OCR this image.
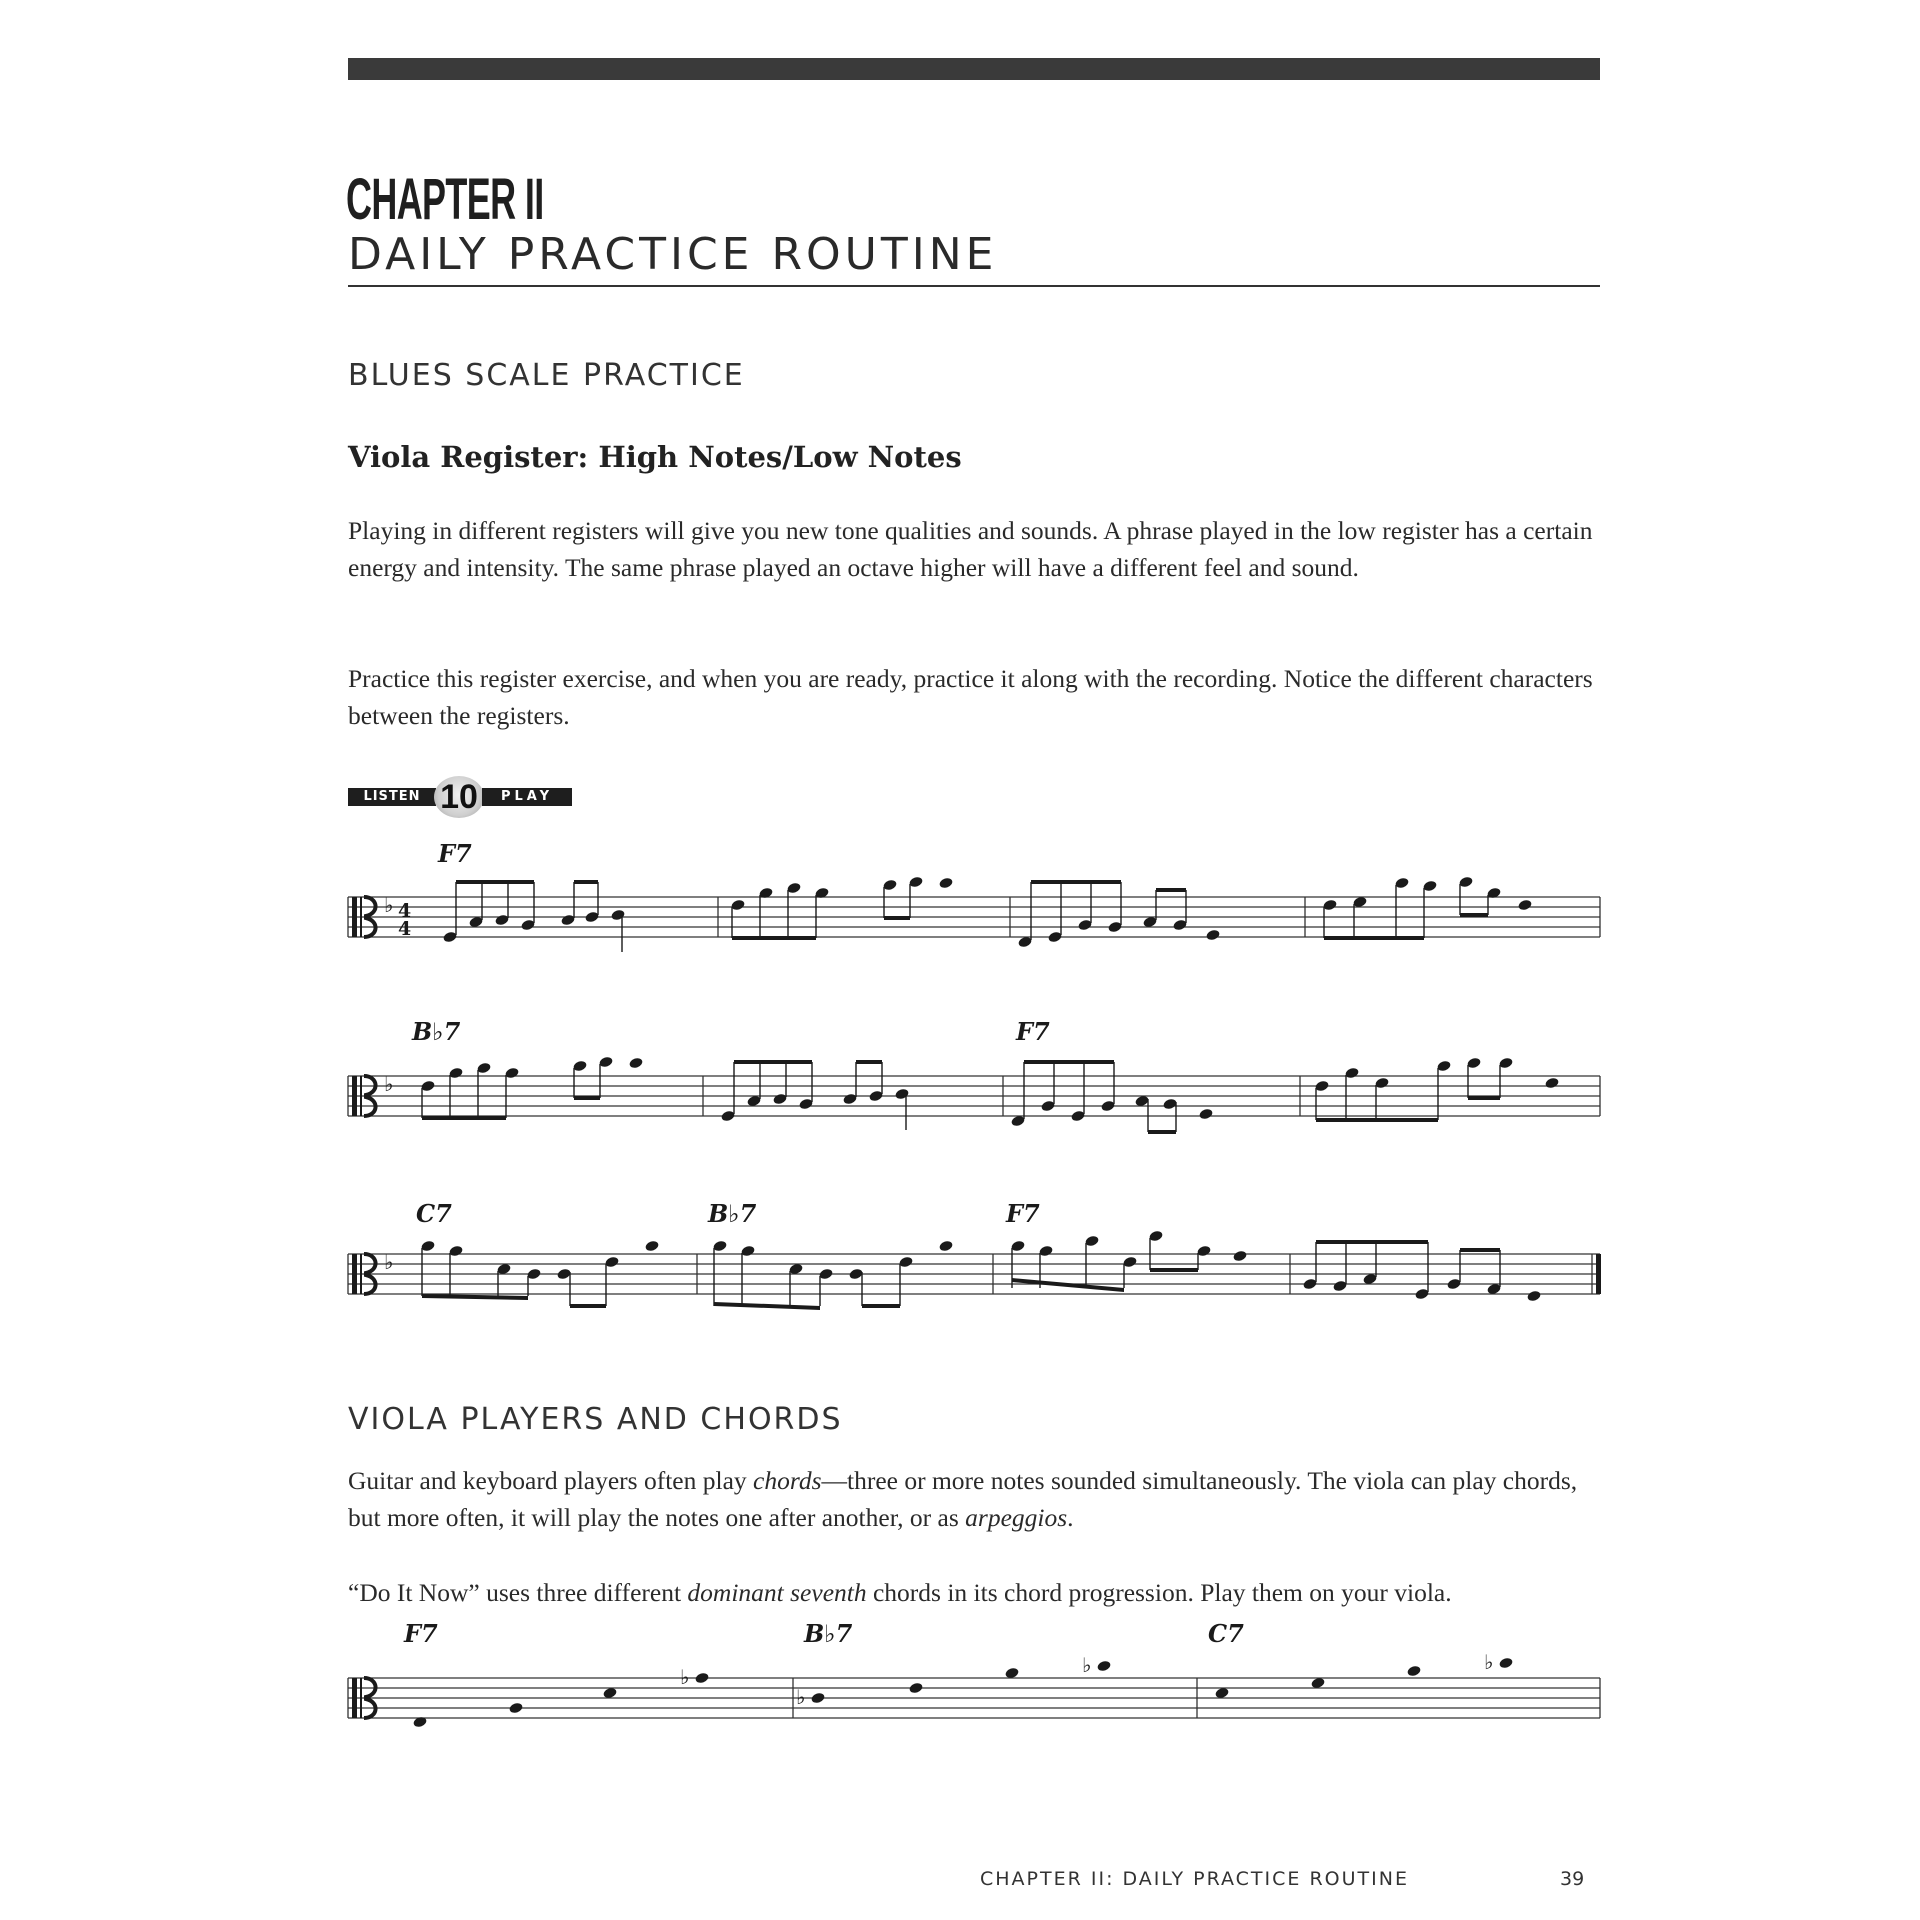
CHAPTER II
DAILY PRACTICE ROUTINE
BLUES SCALE PRACTICE
Viola Register: High Notes/Low Notes
Playing in different registers will give you new tone qualities and sounds. A phrase played in the low register has a certain energy and intensity. The same phrase played an octave higher will have a different feel and sound.
Practice this register exercise, and when you are ready, practice it along with the recording. Notice the different characters between the registers.
LISTEN 10	PLAY
♭ 4
4
F7
♭
B♭7	F7
♭
C7	B♭7	F7
F7	B♭7	C7
♭
♭
♭	♭
VIOLA PLAYERS AND CHORDS
Guitar and keyboard players often play chords—three or more notes sounded simultaneously. The viola can play chords, but more often, it will play the notes one after another, or as arpeggios.
“Do It Now” uses three different dominant seventh chords in its chord progression. Play them on your viola.
CHAPTER II: DAILY PRACTICE ROUTINE	39
